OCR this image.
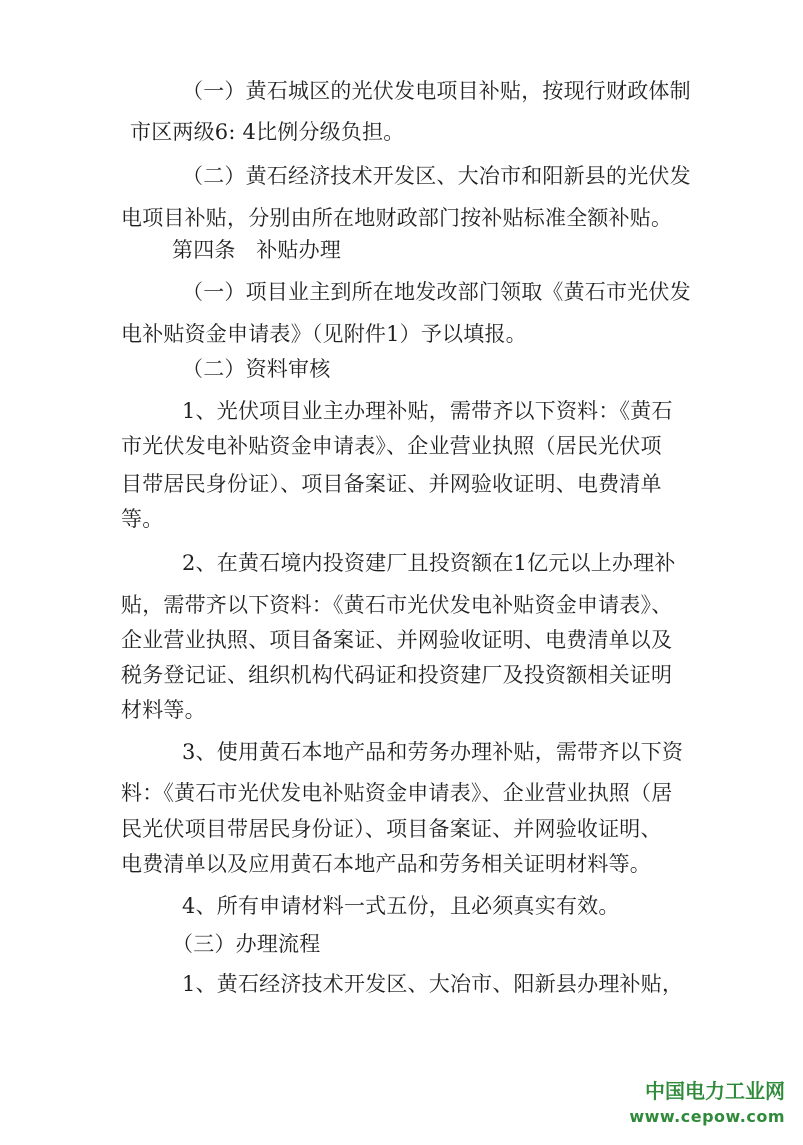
（一）黄石城区的光伏发电项目补贴，按现行财政体制
市区两级6: 4比例分级负担。
（二）黄石经济技术开发区、大冶市和阳新县的光伏发
电项目补贴，分别由所在地财政部门按补贴标准全额补贴。
第四条   补贴办理
（一）项目业主到所在地发改部门领取《黄石市光伏发
电补贴资金申请表》（见附件1）予以填报。
（二）资料审核
1、光伏项目业主办理补贴，需带齐以下资料：《黄石
市光伏发电补贴资金申请表》、企业营业执照（居民光伏项
目带居民身份证）、项目备案证、并网验收证明、电费清单
等。
2、在黄石境内投资建厂且投资额在1亿元以上办理补
贴，需带齐以下资料：《黄石市光伏发电补贴资金申请表》、
企业营业执照、项目备案证、并网验收证明、电费清单以及
税务登记证、组织机构代码证和投资建厂及投资额相关证明
材料等。
3、使用黄石本地产品和劳务办理补贴，需带齐以下资
料：《黄石市光伏发电补贴资金申请表》、企业营业执照（居
民光伏项目带居民身份证）、项目备案证、并网验收证明、
电费清单以及应用黄石本地产品和劳务相关证明材料等。
4、所有申请材料一式五份，且必须真实有效。
（三）办理流程
1、黄石经济技术开发区、大冶市、阳新县办理补贴，
中国电力工业网
www.cepow.com
